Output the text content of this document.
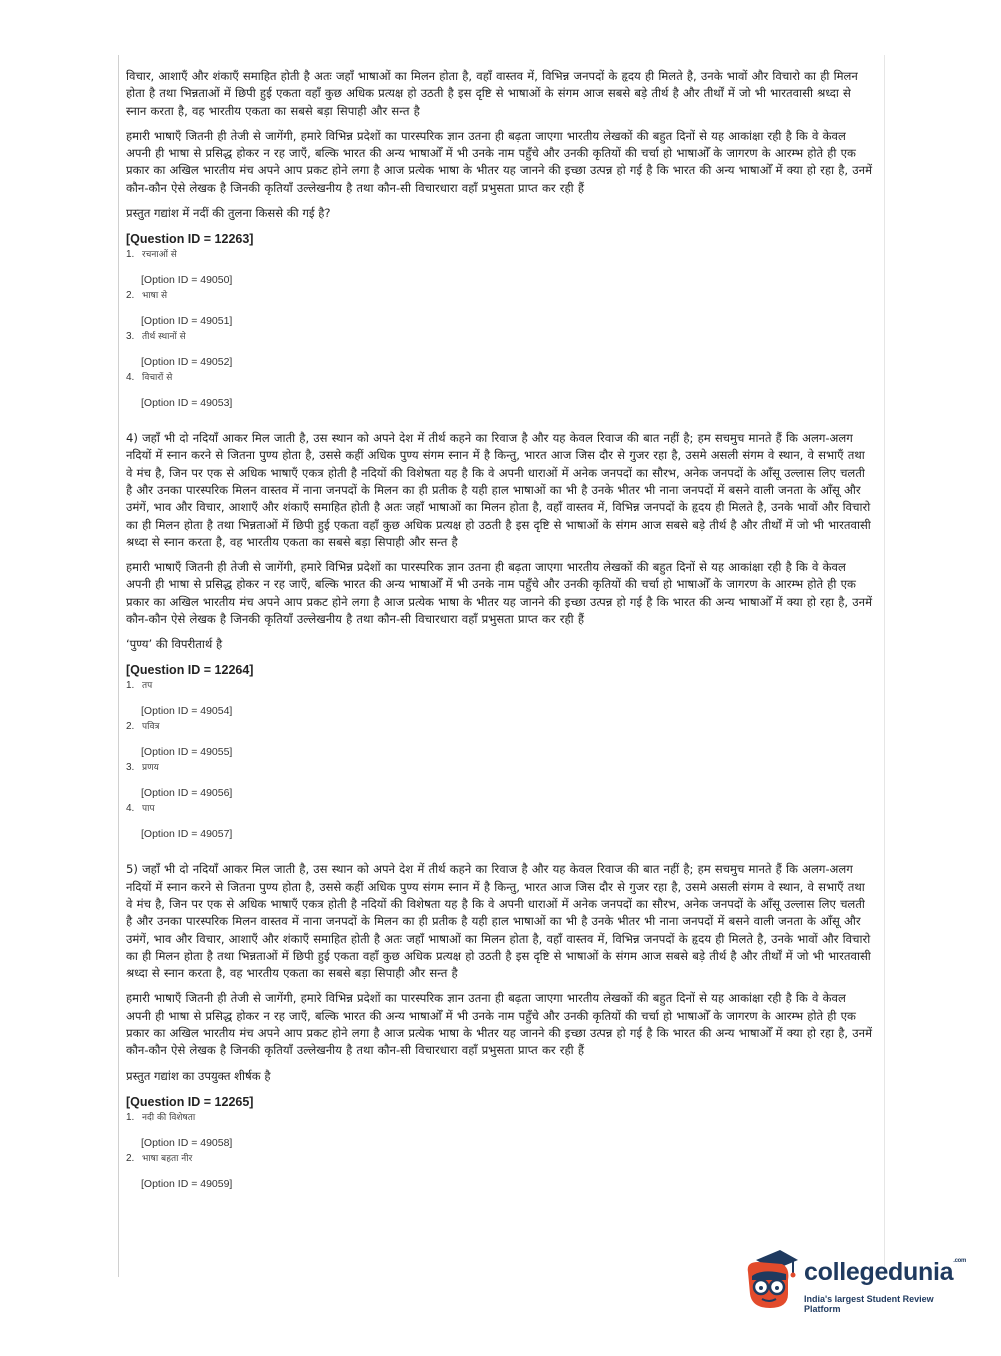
विचार, आशाएँ और शंकाएँ समाहित होती है अतः जहाँ भाषाओं का मिलन होता है, वहाँ वास्तव में, विभिन्न जनपदों के हृदय ही मिलते है, उनके भावों और विचारो का ही मिलन होता है तथा भिन्नताओं में छिपी हुई एकता वहाँ कुछ अधिक प्रत्यक्ष हो उठती है इस दृष्टि से भाषाओं के संगम आज सबसे बड़े तीर्थ है और तीर्थों में जो भी भारतवासी श्रध्दा से स्नान करता है, वह भारतीय एकता का सबसे बड़ा सिपाही और सन्त है

हमारी भाषाएँ जितनी ही तेजी से जागेंगी, हमारे विभिन्न प्रदेशों का पारस्परिक ज्ञान उतना ही बढ़ता जाएगा भारतीय लेखकों की बहुत दिनों से यह आकांक्षा रही है कि वे केवल अपनी ही भाषा से प्रसिद्ध होकर न रह जाएँ, बल्कि भारत की अन्य भाषाओँ में भी उनके नाम पहुँचे और उनकी कृतियों की चर्चा हो भाषाओँ के जागरण के आरम्भ होते ही एक प्रकार का अखिल भारतीय मंच अपने आप प्रकट होने लगा है आज प्रत्येक भाषा के भीतर यह जानने की इच्छा उत्पन्न हो गई है कि भारत की अन्य भाषाओँ में क्या हो रहा है, उनमें कौन-कौन ऐसे लेखक है जिनकी कृतियाँ उल्लेखनीय है तथा कौन-सी विचारधारा वहाँ प्रभुसता प्राप्त कर रही हैं

प्रस्तुत गद्यांश में नदीं की तुलना किससे की गई है?

[Question ID = 12263]
1. रचनाओं से
[Option ID = 49050]
2. भाषा से
[Option ID = 49051]
3. तीर्थ स्थानों से
[Option ID = 49052]
4. विचारों से
[Option ID = 49053]

4) जहाँ भी दो नदियाँ आकर मिल जाती है, उस स्थान को अपने देश में तीर्थ कहने का रिवाज है और यह केवल रिवाज की बात नहीं है; हम सचमुच मानते हैं कि अलग-अलग नदियों में स्नान करने से जितना पुण्य होता है, उससे कहीं अधिक पुण्य संगम स्नान में है किन्तु, भारत आज जिस दौर से गुजर रहा है, उसमे असली संगम वे स्थान, वे सभाएँ तथा वे मंच है, जिन पर एक से अधिक भाषाएँ एकत्र होती है नदियों की विशेषता यह है कि वे अपनी धाराओं में अनेक जनपदों का सौरभ, अनेक जनपदों के आँसू उल्लास लिए चलती है और उनका पारस्परिक मिलन वास्तव में नाना जनपदों के मिलन का ही प्रतीक है यही हाल भाषाओं का भी है उनके भीतर भी नाना जनपदों में बसने वाली जनता के आँसू और उमंगें, भाव और विचार, आशाएँ और शंकाएँ समाहित होती है अतः जहाँ भाषाओं का मिलन होता है, वहाँ वास्तव में, विभिन्न जनपदों के हृदय ही मिलते है, उनके भावों और विचारो का ही मिलन होता है तथा भिन्नताओं में छिपी हुई एकता वहाँ कुछ अधिक प्रत्यक्ष हो उठती है इस दृष्टि से भाषाओं के संगम आज सबसे बड़े तीर्थ है और तीर्थों में जो भी भारतवासी श्रध्दा से स्नान करता है, वह भारतीय एकता का सबसे बड़ा सिपाही और सन्त है

हमारी भाषाएँ जितनी ही तेजी से जागेंगी, हमारे विभिन्न प्रदेशों का पारस्परिक ज्ञान उतना ही बढ़ता जाएगा भारतीय लेखकों की बहुत दिनों से यह आकांक्षा रही है कि वे केवल अपनी ही भाषा से प्रसिद्ध होकर न रह जाएँ, बल्कि भारत की अन्य भाषाओँ में भी उनके नाम पहुँचे और उनकी कृतियों की चर्चा हो भाषाओँ के जागरण के आरम्भ होते ही एक प्रकार का अखिल भारतीय मंच अपने आप प्रकट होने लगा है आज प्रत्येक भाषा के भीतर यह जानने की इच्छा उत्पन्न हो गई है कि भारत की अन्य भाषाओँ में क्या हो रहा है, उनमें कौन-कौन ऐसे लेखक है जिनकी कृतियाँ उल्लेखनीय है तथा कौन-सी विचारधारा वहाँ प्रभुसता प्राप्त कर रही हैं

‘पुण्य’ की विपरीतार्थ है

[Question ID = 12264]
1. तप
[Option ID = 49054]
2. पवित्र
[Option ID = 49055]
3. प्रणय
[Option ID = 49056]
4. पाप
[Option ID = 49057]

5) जहाँ भी दो नदियाँ आकर मिल जाती है, उस स्थान को अपने देश में तीर्थ कहने का रिवाज है और यह केवल रिवाज की बात नहीं है; हम सचमुच मानते हैं कि अलग-अलग नदियों में स्नान करने से जितना पुण्य होता है, उससे कहीं अधिक पुण्य संगम स्नान में है किन्तु, भारत आज जिस दौर से गुजर रहा है, उसमे असली संगम वे स्थान, वे सभाएँ तथा वे मंच है, जिन पर एक से अधिक भाषाएँ एकत्र होती है नदियों की विशेषता यह है कि वे अपनी धाराओं में अनेक जनपदों का सौरभ, अनेक जनपदों के आँसू उल्लास लिए चलती है और उनका पारस्परिक मिलन वास्तव में नाना जनपदों के मिलन का ही प्रतीक है यही हाल भाषाओं का भी है उनके भीतर भी नाना जनपदों में बसने वाली जनता के आँसू और उमंगें, भाव और विचार, आशाएँ और शंकाएँ समाहित होती है अतः जहाँ भाषाओं का मिलन होता है, वहाँ वास्तव में, विभिन्न जनपदों के हृदय ही मिलते है, उनके भावों और विचारो का ही मिलन होता है तथा भिन्नताओं में छिपी हुई एकता वहाँ कुछ अधिक प्रत्यक्ष हो उठती है इस दृष्टि से भाषाओं के संगम आज सबसे बड़े तीर्थ है और तीर्थों में जो भी भारतवासी श्रध्दा से स्नान करता है, वह भारतीय एकता का सबसे बड़ा सिपाही और सन्त है

हमारी भाषाएँ जितनी ही तेजी से जागेंगी, हमारे विभिन्न प्रदेशों का पारस्परिक ज्ञान उतना ही बढ़ता जाएगा भारतीय लेखकों की बहुत दिनों से यह आकांक्षा रही है कि वे केवल अपनी ही भाषा से प्रसिद्ध होकर न रह जाएँ, बल्कि भारत की अन्य भाषाओँ में भी उनके नाम पहुँचे और उनकी कृतियों की चर्चा हो भाषाओँ के जागरण के आरम्भ होते ही एक प्रकार का अखिल भारतीय मंच अपने आप प्रकट होने लगा है आज प्रत्येक भाषा के भीतर यह जानने की इच्छा उत्पन्न हो गई है कि भारत की अन्य भाषाओँ में क्या हो रहा है, उनमें कौन-कौन ऐसे लेखक है जिनकी कृतियाँ उल्लेखनीय है तथा कौन-सी विचारधारा वहाँ प्रभुसता प्राप्त कर रही हैं

प्रस्तुत गद्यांश का उपयुक्त शीर्षक है

[Question ID = 12265]
1. नदी की विशेषता
[Option ID = 49058]
2. भाषा बहता नीर
[Option ID = 49059]
collegedunia$^{.com}$
India's largest Student Review Platform
